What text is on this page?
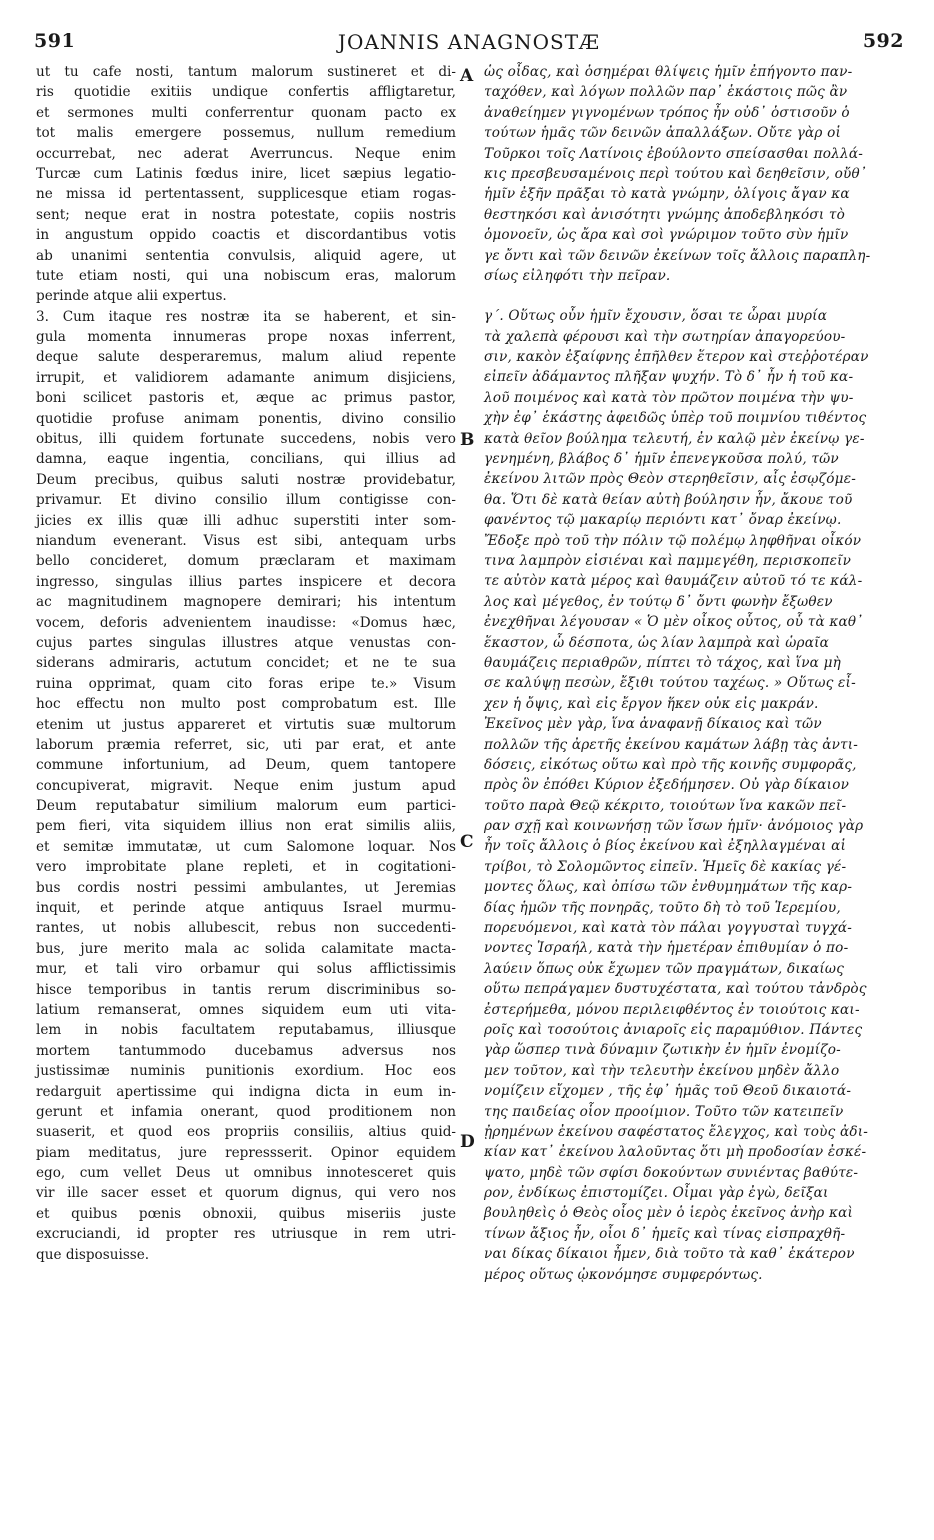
591	JOANNIS ANAGNOSTÆ	592
ut tu cafe nosti, tantum malorum sustineret et di-
ris quotidie exitiis undique confertis affligtaretur,
et sermones multi conferrentur quonam pacto ex
tot malis emergere possemus, nullum remedium
occurrebat, nec aderat Averruncus. Neque enim
Turcæ cum Latinis fœdus inire, licet sæpius legatio-
ne missa id pertentassent, supplicesque etiam rogas-
sent; neque erat in nostra potestate, copiis nostris
in angustum oppido coactis et discordantibus votis
ab unanimi sententia convulsis, aliquid agere, ut
tute etiam nosti, qui una nobiscum eras, malorum
perinde atque alii expertus.
3. Cum itaque res nostræ ita se haberent, et sin-
gula momenta innumeras prope noxas inferrent,
deque salute desperaremus, malum aliud repente
irrupit, et validiorem adamante animum disjiciens,
boni scilicet pastoris et, æque ac primus pastor,
quotidie profuse animam ponentis, divino consilio
obitus, illi quidem fortunate succedens, nobis vero
damna, eaque ingentia, concilians, qui illius ad
Deum precibus, quibus saluti nostræ providebatur,
privamur. Et divino consilio illum contigisse con-
jicies ex illis quæ illi adhuc superstiti inter som-
niandum evenerant. Visus est sibi, antequam urbs
bello concideret, domum præclaram et maximam
ingresso, singulas illius partes inspicere et decora
ac magnitudinem magnopere demirari; his intentum
vocem, deforis advenientem inaudisse: «Domus hæc,
cujus partes singulas illustres atque venustas con-
siderans admiraris, actutum concidet; et ne te sua
ruina opprimat, quam cito foras eripe te.» Visum
hoc effectu non multo post comprobatum est. Ille
etenim ut justus appareret et virtutis suæ multorum
laborum præmia referret, sic, uti par erat, et ante
commune infortunium, ad Deum, quem tantopere
concupiverat, migravit. Neque enim justum apud
Deum reputabatur similium malorum eum partici-
pem fieri, vita siquidem illius non erat similis aliis,
et semitæ immutatæ, ut cum Salomone loquar. Nos
vero improbitate plane repleti, et in cogitationi-
bus cordis nostri pessimi ambulantes, ut Jeremias
inquit, et perinde atque antiquus Israel murmu-
rantes, ut nobis allubescit, rebus non succedenti-
bus, jure merito mala ac solida calamitate macta-
mur, et tali viro orbamur qui solus afflictissimis
hisce temporibus in tantis rerum discriminibus so-
latium remanserat, omnes siquidem eum uti vita-
lem in nobis facultatem reputabamus, illiusque
mortem tantummodo ducebamus adversus nos
justissimæ numinis punitionis exordium. Hoc eos
redarguit apertissime qui indigna dicta in eum in-
gerunt et infamia onerant, quod proditionem non
suaserit, et quod eos propriis consiliis, altius quid-
piam meditatus, jure repressserit. Opinor equidem
ego, cum vellet Deus ut omnibus innotesceret quis
vir ille sacer esset et quorum dignus, qui vero nos
et quibus pœnis obnoxii, quibus miseriis juste
excruciandi, id propter res utriusque in rem utri-
que disposuisse.
ὡς οἶδας, καὶ ὁσημέραι θλίψεις ἡμῖν ἐπήγοντο παν-
ταχόθεν, καὶ λόγων πολλῶν παρ᾽ ἑκάστοις πῶς ἂν
ἀναθείημεν γιγνομένων τρόπος ἦν οὐδ᾽ ὁστισοῦν ὁ
τούτων ἡμᾶς τῶν δεινῶν ἀπαλλάξων. Οὔτε γὰρ οἱ
Τοῦρκοι τοῖς Λατίνοις ἐβούλοντο σπείσασθαι πολλά-
κις πρεσβευσαμένοις περὶ τούτου καὶ δεηθεῖσιν, οὔθ᾽
ἡμῖν ἐξῆν πρᾶξαι τὸ κατὰ γνώμην, ὀλίγοις ἄγαν κα
θεστηκόσι καὶ ἀνισότητι γνώμης ἀποδεβληκόσι τὸ
ὁμονοεῖν, ὡς ἄρα καὶ σοὶ γνώριμον τοῦτο σὺν ἡμῖν
γε ὄντι καὶ τῶν δεινῶν ἐκείνων τοῖς ἄλλοις παραπλη-
σίως εἰληφότι τὴν πεῖραν.
γ΄. Οὕτως οὖν ἡμῖν ἔχουσιν, ὅσαι τε ὧραι μυρία
τὰ χαλεπὰ φέρουσι καὶ τὴν σωτηρίαν ἀπαγορεύου-
σιν, κακὸν ἐξαίφνης ἐπῆλθεν ἕτερον καὶ στεῤῥοτέραν
εἰπεῖν ἀδάμαντος πλῆξαν ψυχήν. Τὸ δ᾽ ἦν ἡ τοῦ κα-
λοῦ ποιμένος καὶ κατὰ τὸν πρῶτον ποιμένα τὴν ψυ-
χὴν ἐφ᾽ ἑκάστης ἀφειδῶς ὑπὲρ τοῦ ποιμνίου τιθέντος
κατὰ θεῖον βούλημα τελευτή, ἐν καλῷ μὲν ἐκείνῳ γε-
γενημένη, βλάβος δ᾽ ἡμῖν ἐπενεγκοῦσα πολύ, τῶν
ἐκείνου λιτῶν πρὸς Θεὸν στερηθεῖσιν, αἷς ἐσῳζόμε-
θα. Ὅτι δὲ κατὰ θείαν αὐτὴ βούλησιν ἦν, ἄκουε τοῦ
φανέντος τῷ μακαρίῳ περιόντι κατ᾽ ὄναρ ἐκείνῳ.
Ἔδοξε πρὸ τοῦ τὴν πόλιν τῷ πολέμῳ ληφθῆναι οἶκόν
τινα λαμπρὸν εἰσιέναι καὶ παμμεγέθη, περισκοπεῖν
τε αὐτὸν κατὰ μέρος καὶ θαυμάζειν αὐτοῦ τό τε κάλ-
λος καὶ μέγεθος, ἐν τούτῳ δ᾽ ὄντι φωνὴν ἔξωθεν
ἐνεχθῆναι λέγουσαν « Ὁ μὲν οἶκος οὗτος, οὗ τὰ καθ᾽
ἕκαστον, ὦ δέσποτα, ὡς λίαν λαμπρὰ καὶ ὡραῖα
θαυμάζεις περιαθρῶν, πίπτει τὸ τάχος, καὶ ἵνα μὴ
σε καλύψῃ πεσὼν, ἔξιθι τούτου ταχέως. » Οὕτως εἶ-
χεν ἡ ὄψις, καὶ εἰς ἔργον ἥκεν οὐκ εἰς μακράν.
Ἐκεῖνος μὲν γὰρ, ἵνα ἀναφανῇ δίκαιος καὶ τῶν
πολλῶν τῆς ἀρετῆς ἐκείνου καμάτων λάβῃ τὰς ἀντι-
δόσεις, εἰκότως οὕτω καὶ πρὸ τῆς κοινῆς συμφορᾶς,
πρὸς ὃν ἐπόθει Κύριον ἐξεδήμησεν. Οὐ γὰρ δίκαιον
τοῦτο παρὰ Θεῷ κέκριτο, τοιούτων ἵνα κακῶν πεῖ-
ραν σχῇ καὶ κοινωνήσῃ τῶν ἴσων ἡμῖν· ἀνόμοιος γὰρ
ἦν τοῖς ἄλλοις ὁ βίος ἐκείνου καὶ ἐξηλλαγμέναι αἱ
τρίβοι, τὸ Σολομῶντος εἰπεῖν. Ἡμεῖς δὲ κακίας γέ-
μοντες ὅλως, καὶ ὀπίσω τῶν ἐνθυμημάτων τῆς καρ-
δίας ἡμῶν τῆς πονηρᾶς, τοῦτο δὴ τὸ τοῦ Ἱερεμίου,
πορευόμενοι, καὶ κατὰ τὸν πάλαι γογγυσταὶ τυγχά-
νοντες Ἰσραήλ, κατὰ τὴν ἡμετέραν ἐπιθυμίαν ὁ πο-
λαύειν ὅπως οὐκ ἔχωμεν τῶν πραγμάτων, δικαίως
οὕτω πεπράγαμεν δυστυχέστατα, καὶ τούτου τἀνδρὸς
ἐστερήμεθα, μόνου περιλειφθέντος ἐν τοιούτοις και-
ροῖς καὶ τοσούτοις ἀνιαροῖς εἰς παραμύθιον. Πάντες
γὰρ ὥσπερ τινὰ δύναμιν ζωτικὴν ἐν ἡμῖν ἐνομίζο-
μεν τοῦτον, καὶ τὴν τελευτὴν ἐκείνου μηδὲν ἄλλο
νομίζειν εἴχομεν , τῆς ἐφ᾽ ἡμᾶς τοῦ Θεοῦ δικαιοτά-
της παιδείας οἷον προοίμιον. Τοῦτο τῶν κατειπεῖν
ᾐρημένων ἐκείνου σαφέστατος ἔλεγχος, καὶ τοὺς ἀδι-
κίαν κατ᾽ ἐκείνου λαλοῦντας ὅτι μὴ προδοσίαν ἐσκέ-
ψατο, μηδὲ τῶν σφίσι δοκούντων συνιέντας βαθύτε-
ρον, ἐνδίκως ἐπιστομίζει. Οἶμαι γὰρ ἐγὼ, δεῖξαι
βουληθεὶς ὁ Θεὸς οἷος μὲν ὁ ἱερὸς ἐκεῖνος ἀνὴρ καὶ
τίνων ἄξιος ἦν, οἷοι δ᾽ ἡμεῖς καὶ τίνας εἰσπραχθῆ-
ναι δίκας δίκαιοι ἦμεν, διὰ τοῦτο τὰ καθ᾽ ἑκάτερον
μέρος οὕτως ᾠκονόμησε συμφερόντως.
A
B
C
D
